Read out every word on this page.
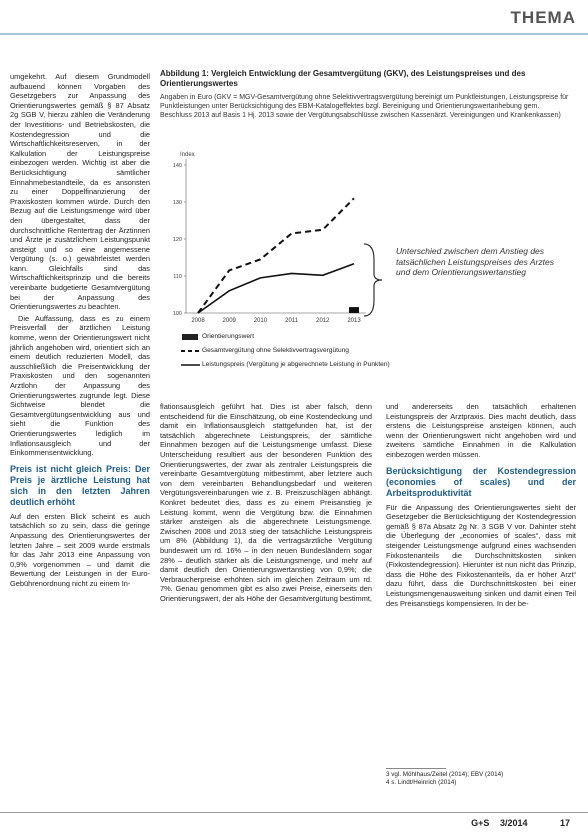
THEMA

umgekehrt. Auf diesem Grundmodell aufbauend können Vorgaben des Gesetzgebers zur Anpassung des Orientierungswertes gemäß § 87 Absatz 2g SGB V, hierzu zählen die Veränderung der Investitions- und Betriebskosten, die Kostendegression und die Wirtschaftlichkeitsreserven, in der Kalkulation der Leistungspreise einbezogen werden. Wichtig ist aber die Berücksichtigung sämtlicher Einnahmebestandteile, da es ansonsten zu einer Doppelfinanzierung der Praxiskosten kommen würde. Durch den Bezug auf die Leistungsmenge wird über den übergestaltet, dass der durchschnittliche Rentertrag der Ärztinnen und Ärzte je zusätzlichem Leistungspunkt ansteigt und so eine angemessene Vergütung (s. o.) gewährleistet werden kann. Gleichfalls sind das Wirtschaftlichkeitsprinzip und die bereits vereinbarte budgetierte Gesamtvergütung bei der Anpassung des Orientierungswertes zu beachten.

Die Auffassung, dass es zu einem Preisverfall der ärztlichen Leistung komme, wenn der Orientierungswert nicht jährlich angehoben wird, orientiert sich an einem deutlich reduzierten Modell, das ausschließlich die Preisentwicklung der Praxiskosten und den sogenannten Arztlohn der Anpassung des Orientierungswertes zugrunde legt. Diese Sichtweise blendet die Gesamtvergütungsentwicklung aus und sieht die Funktion des Orientierungswertes lediglich im Inflationsausgleich und der Einkommensentwicklung.

Preis ist nicht gleich Preis: Der Preis je ärztliche Leistung hat sich in den letzten Jahren deutlich erhöht

Auf den ersten Blick scheint es auch tatsächlich so zu sein, dass die geringe Anpassung des Orientierungswertes der letzten Jahre – seit 2009 wurde erstmals für das Jahr 2013 eine Anpassung von 0,9% vorgenommen – und damit die Bewertung der Leistungen in der Euro-Gebührenordnung nicht zu einem In-

Abbildung 1: Vergleich Entwicklung der Gesamtvergütung (GKV), des Leistungspreises und des Orientierungswertes
Angaben in Euro (GKV = MGV-Gesamtvergütung ohne Selektivvertragsvergütung bereinigt um Punktleistungen, Leistungspreise für Punktleistungen unter Berücksichtigung des EBM-Katalogeffektes bzgl. Bereinigung und Orientierungswertanhebung gem. Beschluss 2013 auf Basis 1 Hj. 2013 sowie der Vergütungsabschlüsse zwischen Kassenärzt. Vereinigungen und Krankenkassen)
Index
140
130
120
110
100
2008	2009	2010	2011	2012	2013
Unterschied zwischen dem Anstieg des tatsächlichen Leistungspreises des Arztes und dem Orientierungswertanstieg
Orientierungswert
Gesamtvergütung ohne Selektivvertragsvergütung
Leistungspreis (Vergütung je abgerechnete Leistung in Punkten)

flationsausgleich geführt hat. Dies ist aber falsch, denn entscheidend für die Einschätzung, ob eine Kostendeckung und damit ein Inflationsausgleich stattgefunden hat, ist der tatsächlich abgerechnete Leistungspreis, der sämtliche Einnahmen bezogen auf die Leistungsmenge umfasst. Diese Unterscheidung resultiert aus der besonderen Funktion des Orientierungswertes, der zwar als zentraler Leistungspreis die vereinbarte Gesamtvergütung mitbestimmt, aber letztere auch von dem vereinbarten Behandlungsbedarf und weiteren Vergütungsvereinbarungen wie z. B. Preiszuschlägen abhängt. Konkret bedeutet dies, dass es zu einem Preisanstieg je Leistung kommt, wenn die Vergütung bzw. die Einnahmen stärker ansteigen als die abgerechnete Leistungsmenge. Zwischen 2008 und 2013 stieg der tatsächliche Leistungspreis um 8% (Abbildung 1), da die vertragsärztliche Vergütung bundesweit um rd. 16% – in den neuen Bundesländern sogar 28% – deutlich stärker als die Leistungsmenge, und mehr auf damit deutlich den Orientierungswertanstieg von 0,9%; die Verbraucherpreise erhöhten sich im gleichen Zeitraum um rd. 7%. Genau genommen gibt es also zwei Preise, einerseits den Orientierungswert, der als Höhe der Gesamtvergütung bestimmt,

und andererseits den tatsächlich erhaltenen Leistungspreis der Arztpraxis. Dies macht deutlich, dass erstens die Leistungspreise ansteigen können, auch wenn der Orientierungswert nicht angehoben wird und zweitens sämtliche Einnahmen in die Kalkulation einbezogen werden müssen.

Berücksichtigung der Kostendegression (economies of scales) und der Arbeitsproduktivität

Für die Anpassung des Orientierungswertes sieht der Gesetzgeber die Berücksichtigung der Kostendegression gemäß § 87a Absatz 2g Nr. 3 SGB V vor. Dahinter steht die Überlegung der „economies of scales“, dass mit steigender Leistungsmenge aufgrund eines wachsenden Fixkostenanteils die Durchschnittskosten sinken (Fixkostendegression). Hierunter ist nun nicht das Prinzip, dass die Höhe des Fixkostenanteils, da er höher Arzt“ dazu führt, dass die Durchschnittskosten bei einer Leistungsmengenausweitung sinken und damit einen Teil des Preisanstiegs kompensieren. In der be-

3 vgl. Möhlhaus/Zeitel (2014); EBV (2014)
4 s. Lindt/Heinrich (2014)
G+S 3/2014	17
